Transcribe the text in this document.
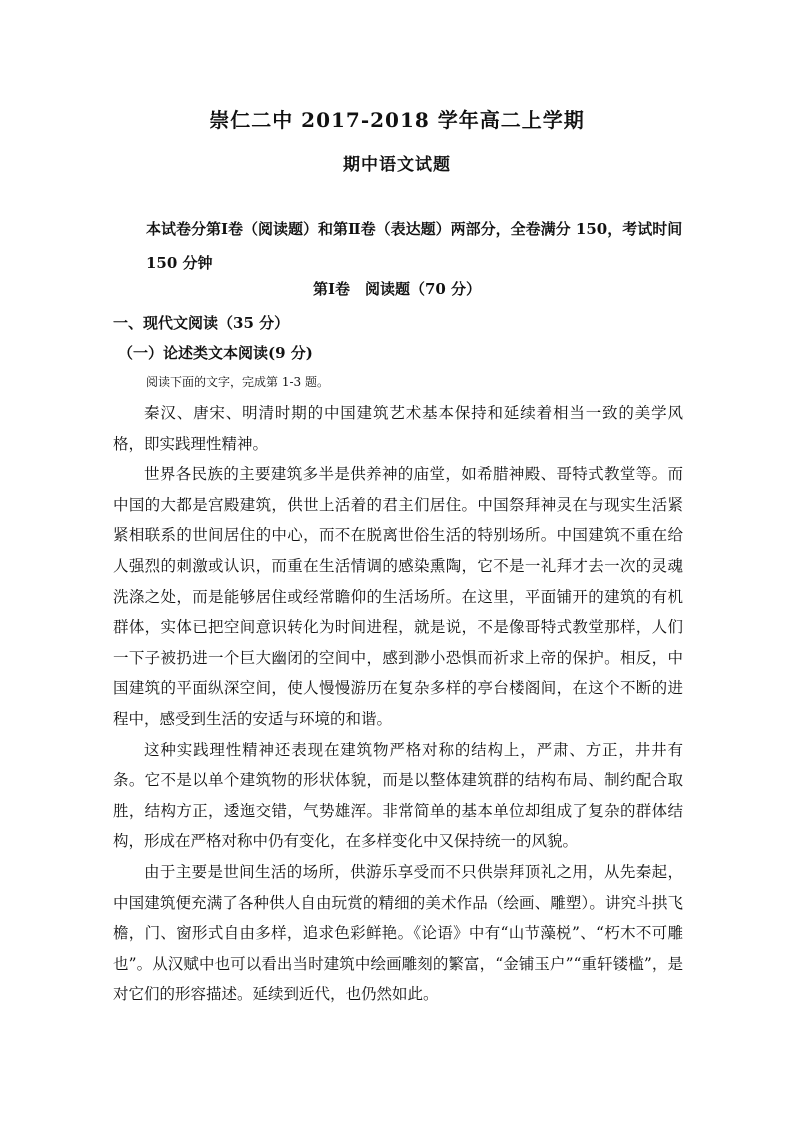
崇仁二中 2017-2018 学年高二上学期
期中语文试题
本试卷分第Ⅰ卷（阅读题）和第Ⅱ卷（表达题）两部分，全卷满分 150，考试时间 150 分钟
第Ⅰ卷　阅读题（70 分）
一、现代文阅读（35 分）
（一）论述类文本阅读(9 分)
阅读下面的文字，完成第 1-3 题。

秦汉、唐宋、明清时期的中国建筑艺术基本保持和延续着相当一致的美学风格，即实践理性精神。

世界各民族的主要建筑多半是供养神的庙堂，如希腊神殿、哥特式教堂等。而中国的大都是宫殿建筑，供世上活着的君主们居住。中国祭拜神灵在与现实生活紧紧相联系的世间居住的中心，而不在脱离世俗生活的特别场所。中国建筑不重在给人强烈的刺激或认识，而重在生活情调的感染熏陶，它不是一礼拜才去一次的灵魂洗涤之处，而是能够居住或经常瞻仰的生活场所。在这里，平面铺开的建筑的有机群体，实体已把空间意识转化为时间进程，就是说，不是像哥特式教堂那样，人们一下子被扔进一个巨大幽闭的空间中，感到渺小恐惧而祈求上帝的保护。相反，中国建筑的平面纵深空间，使人慢慢游历在复杂多样的亭台楼阁间，在这个不断的进程中，感受到生活的安适与环境的和谐。

这种实践理性精神还表现在建筑物严格对称的结构上，严肃、方正，井井有条。它不是以单个建筑物的形状体貌，而是以整体建筑群的结构布局、制约配合取胜，结构方正，逶迤交错，气势雄浑。非常简单的基本单位却组成了复杂的群体结构，形成在严格对称中仍有变化，在多样变化中又保持统一的风貌。

由于主要是世间生活的场所，供游乐享受而不只供崇拜顶礼之用，从先秦起，中国建筑便充满了各种供人自由玩赏的精细的美术作品（绘画、雕塑）。讲究斗拱飞檐，门、窗形式自由多样，追求色彩鲜艳。《论语》中有“山节藻棁”、“朽木不可雕也”。从汉赋中也可以看出当时建筑中绘画雕刻的繁富，“金铺玉户”“重轩镂槛”，是对它们的形容描述。延续到近代，也仍然如此。
